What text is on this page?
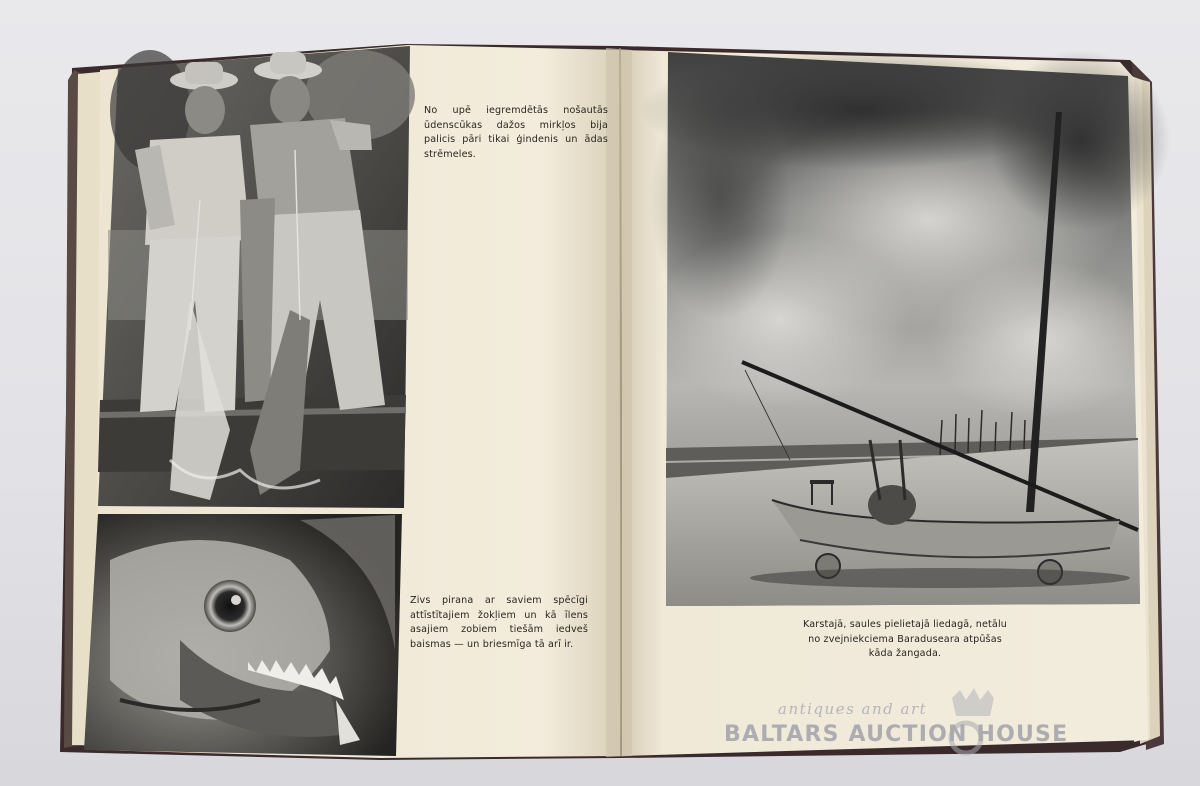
No upē iegremdētās nošautās ūdenscūkas dažos mirkļos bija palicis pāri tikai ģindenis un ādas strēmeles.
Zivs pirana ar saviem spēcīgi attīstītajiem žokļiem un kā īlens asajiem zobiem tiešām iedveš baismas — un briesmīga tā arī ir.
Karstajā, saules pielietajā liedagā, netālu no zvejniekciema Baraduseara atpūšas kāda žangada.
antiques and art
BALTARS AUCTION HOUSE
